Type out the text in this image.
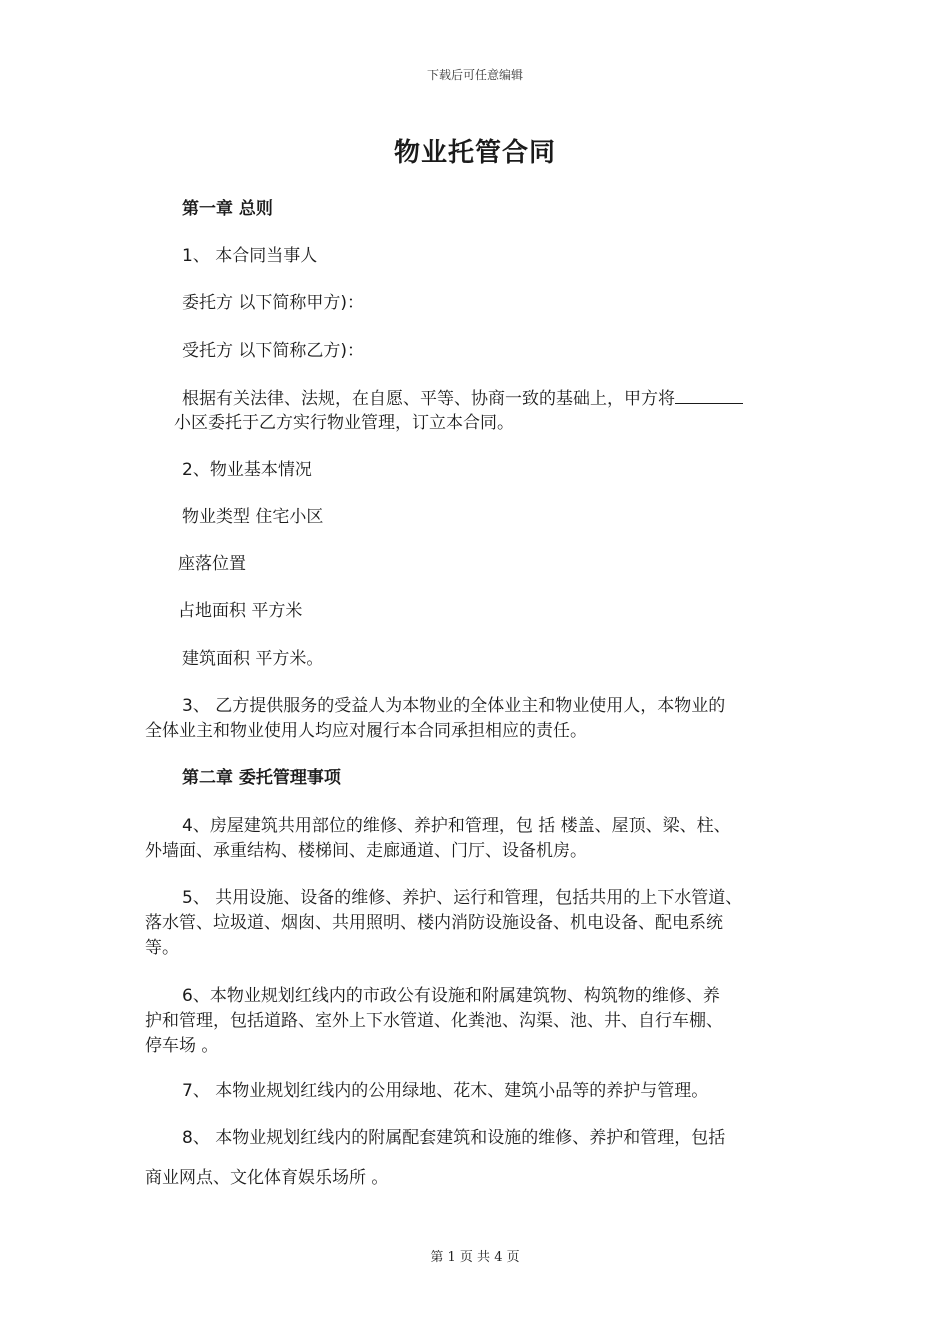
下载后可任意编辑
物业托管合同
第一章 总则
1、 本合同当事人
委托方 以下简称甲方)：
受托方 以下简称乙方)：
根据有关法律、法规，在自愿、平等、协商一致的基础上，甲方将
小区委托于乙方实行物业管理，订立本合同。
2、物业基本情况
物业类型 住宅小区
座落位置
占地面积 平方米
建筑面积 平方米。
3、 乙方提供服务的受益人为本物业的全体业主和物业使用人，本物业的
全体业主和物业使用人均应对履行本合同承担相应的责任。
第二章 委托管理事项
4、房屋建筑共用部位的维修、养护和管理，包 括 楼盖、屋顶、梁、柱、
外墙面、承重结构、楼梯间、走廊通道、门厅、设备机房。
5、 共用设施、设备的维修、养护、运行和管理，包括共用的上下水管道、
落水管、垃圾道、烟囱、共用照明、楼内消防设施设备、机电设备、配电系统
等。
6、本物业规划红线内的市政公有设施和附属建筑物、构筑物的维修、养
护和管理，包括道路、室外上下水管道、化粪池、沟渠、池、井、自行车棚、
停车场 。
7、 本物业规划红线内的公用绿地、花木、建筑小品等的养护与管理。
8、 本物业规划红线内的附属配套建筑和设施的维修、养护和管理，包括
商业网点、文化体育娱乐场所 。
第 1 页 共 4 页
